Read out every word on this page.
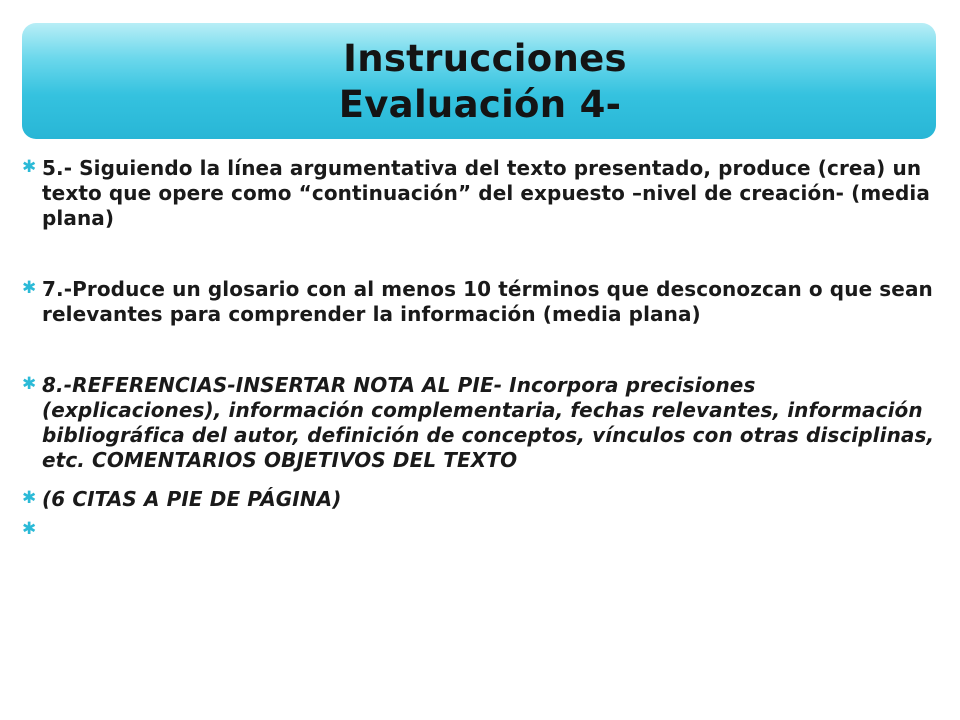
Instrucciones
Evaluación 4-
✱ 5.- Siguiendo la línea argumentativa del texto presentado, produce (crea) un texto que opere como “continuación” del expuesto –nivel de creación- (media plana)
✱ 7.-Produce un glosario con al menos 10 términos que desconozcan o que sean relevantes para comprender la información (media plana)
✱ 8.-REFERENCIAS-INSERTAR NOTA AL PIE- Incorpora precisiones (explicaciones), información complementaria, fechas relevantes, información bibliográfica del autor, definición de conceptos, vínculos con otras disciplinas, etc. COMENTARIOS OBJETIVOS DEL TEXTO
✱ (6 CITAS A PIE DE PÁGINA)
✱
